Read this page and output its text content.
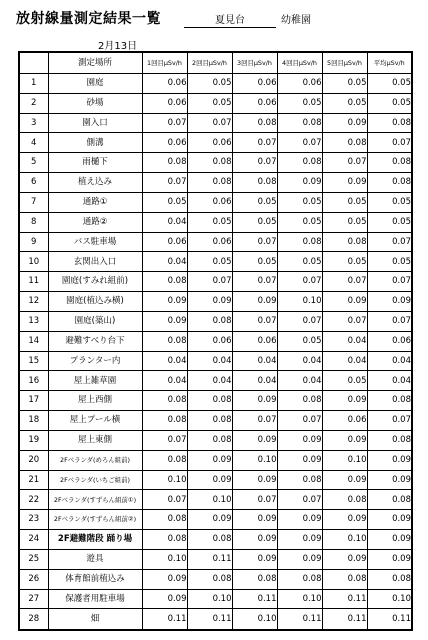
放射線量測定結果一覧	夏見台	幼稚園
2月13日
	測定場所	1回目μSv/h	2回目μSv/h	3回目μSv/h	4回目μSv/h	5回目μSv/h	平均μSv/h
1	園庭	0.06	0.05	0.06	0.06	0.05	0.05
2	砂場	0.06	0.05	0.06	0.05	0.05	0.05
3	園入口	0.07	0.07	0.08	0.08	0.09	0.08
4	側溝	0.06	0.06	0.07	0.07	0.08	0.07
5	雨樋下	0.08	0.08	0.07	0.08	0.07	0.08
6	植え込み	0.07	0.08	0.08	0.09	0.09	0.08
7	通路①	0.05	0.06	0.05	0.05	0.05	0.05
8	通路②	0.04	0.05	0.05	0.05	0.05	0.05
9	バス駐車場	0.06	0.06	0.07	0.08	0.08	0.07
10	玄関出入口	0.04	0.05	0.05	0.05	0.05	0.05
11	園庭(すみれ組前)	0.08	0.07	0.07	0.07	0.07	0.07
12	園庭(植込み横)	0.09	0.09	0.09	0.10	0.09	0.09
13	園庭(築山)	0.09	0.08	0.07	0.07	0.07	0.07
14	避難すべり台下	0.08	0.06	0.06	0.05	0.04	0.06
15	プランター内	0.04	0.04	0.04	0.04	0.04	0.04
16	屋上雑草園	0.04	0.04	0.04	0.04	0.05	0.04
17	屋上西側	0.08	0.08	0.09	0.08	0.09	0.08
18	屋上プール横	0.08	0.08	0.07	0.07	0.06	0.07
19	屋上東側	0.07	0.08	0.09	0.09	0.09	0.08
20	2Fベランダ(めろん組前)	0.08	0.09	0.10	0.09	0.10	0.09
21	2Fベランダ(いちご組前)	0.10	0.09	0.09	0.08	0.09	0.09
22	2Fベランダ(すずらん組前①)	0.07	0.10	0.07	0.07	0.08	0.08
23	2Fベランダ(すずらん組前②)	0.08	0.09	0.09	0.09	0.09	0.09
24	2F避難階段 踊り場	0.08	0.08	0.09	0.09	0.10	0.09
25	遊具	0.10	0.11	0.09	0.09	0.09	0.09
26	体育館前植込み	0.09	0.08	0.08	0.08	0.08	0.08
27	保護者用駐車場	0.09	0.10	0.11	0.10	0.11	0.10
28	畑	0.11	0.11	0.10	0.11	0.11	0.11
